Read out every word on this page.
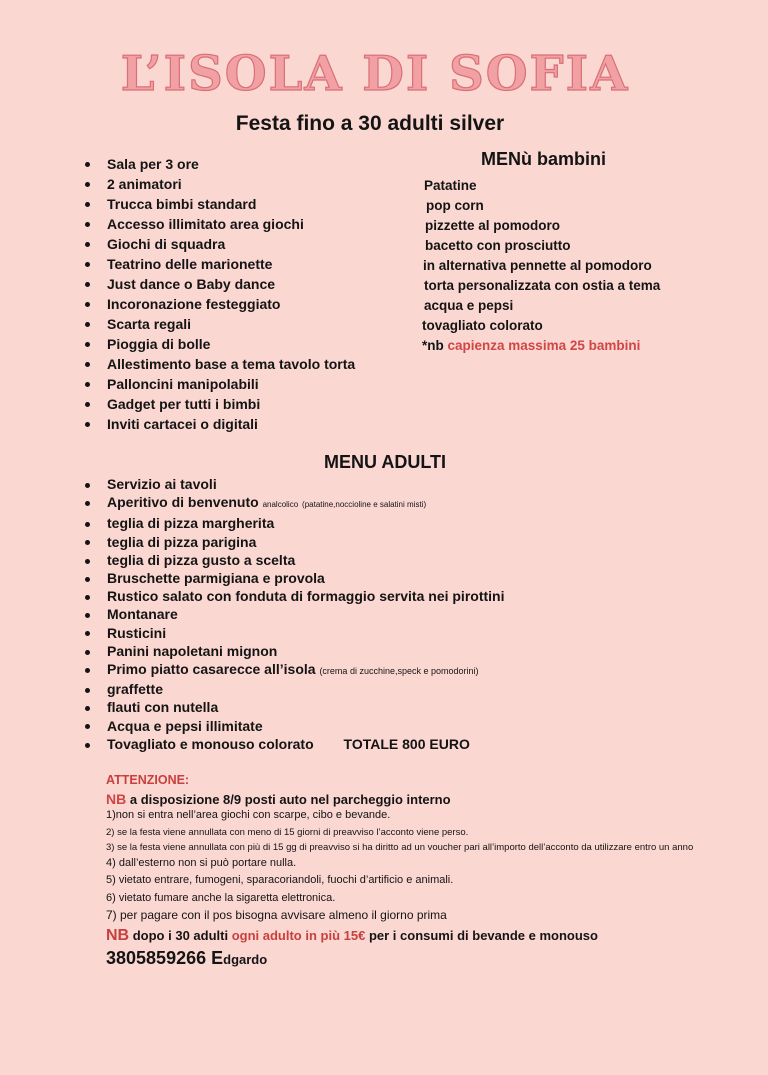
L’ISOLA DI SOFIA
Festa fino a 30 adulti silver
Sala per 3 ore
2 animatori
Trucca bimbi standard
Accesso illimitato area giochi
Giochi di squadra
Teatrino delle marionette
Just dance o Baby dance
Incoronazione festeggiato
Scarta regali
Pioggia di bolle
Allestimento base a tema tavolo torta
Palloncini manipolabili
Gadget per tutti i bimbi
Inviti cartacei o digitali
MENù bambini
Patatine
pop corn
pizzette al pomodoro
bacetto con prosciutto
in alternativa pennette al pomodoro
torta personalizzata con ostia a tema
acqua e pepsi
tovagliato colorato
*nb capienza massima 25 bambini
MENU ADULTI
Servizio ai tavoli
Aperitivo di benvenuto analcolico (patatine,noccioline e salatini misti)
teglia di pizza margherita
teglia di pizza parigina
teglia di pizza gusto a scelta
Bruschette parmigiana e provola
Rustico salato con fonduta di formaggio servita nei pirottini
Montanare
Rusticini
Panini napoletani mignon
Primo piatto casarecce all’isola (crema di zucchine,speck e pomodorini)
graffette
flauti con nutella
Acqua e pepsi illimitate
Tovagliato e monouso colorato TOTALE 800 EURO
ATTENZIONE:
NB a disposizione 8/9 posti auto nel parcheggio interno
1)non si entra nell’area giochi con scarpe, cibo e bevande.
2) se la festa viene annullata con meno di 15 giorni di preavviso l’acconto viene perso.
3) se la festa viene annullata con più di 15 gg di preavviso si ha diritto ad un voucher pari all’importo dell’acconto da utilizzare entro un anno
4) dall’esterno non si può portare nulla.
5) vietato entrare, fumogeni, sparacoriandoli, fuochi d’artificio e animali.
6) vietato fumare anche la sigaretta elettronica.
7) per pagare con il pos bisogna avvisare almeno il giorno prima
NB dopo i 30 adulti ogni adulto in più 15€ per i consumi di bevande e monouso
3805859266 Edgardo
